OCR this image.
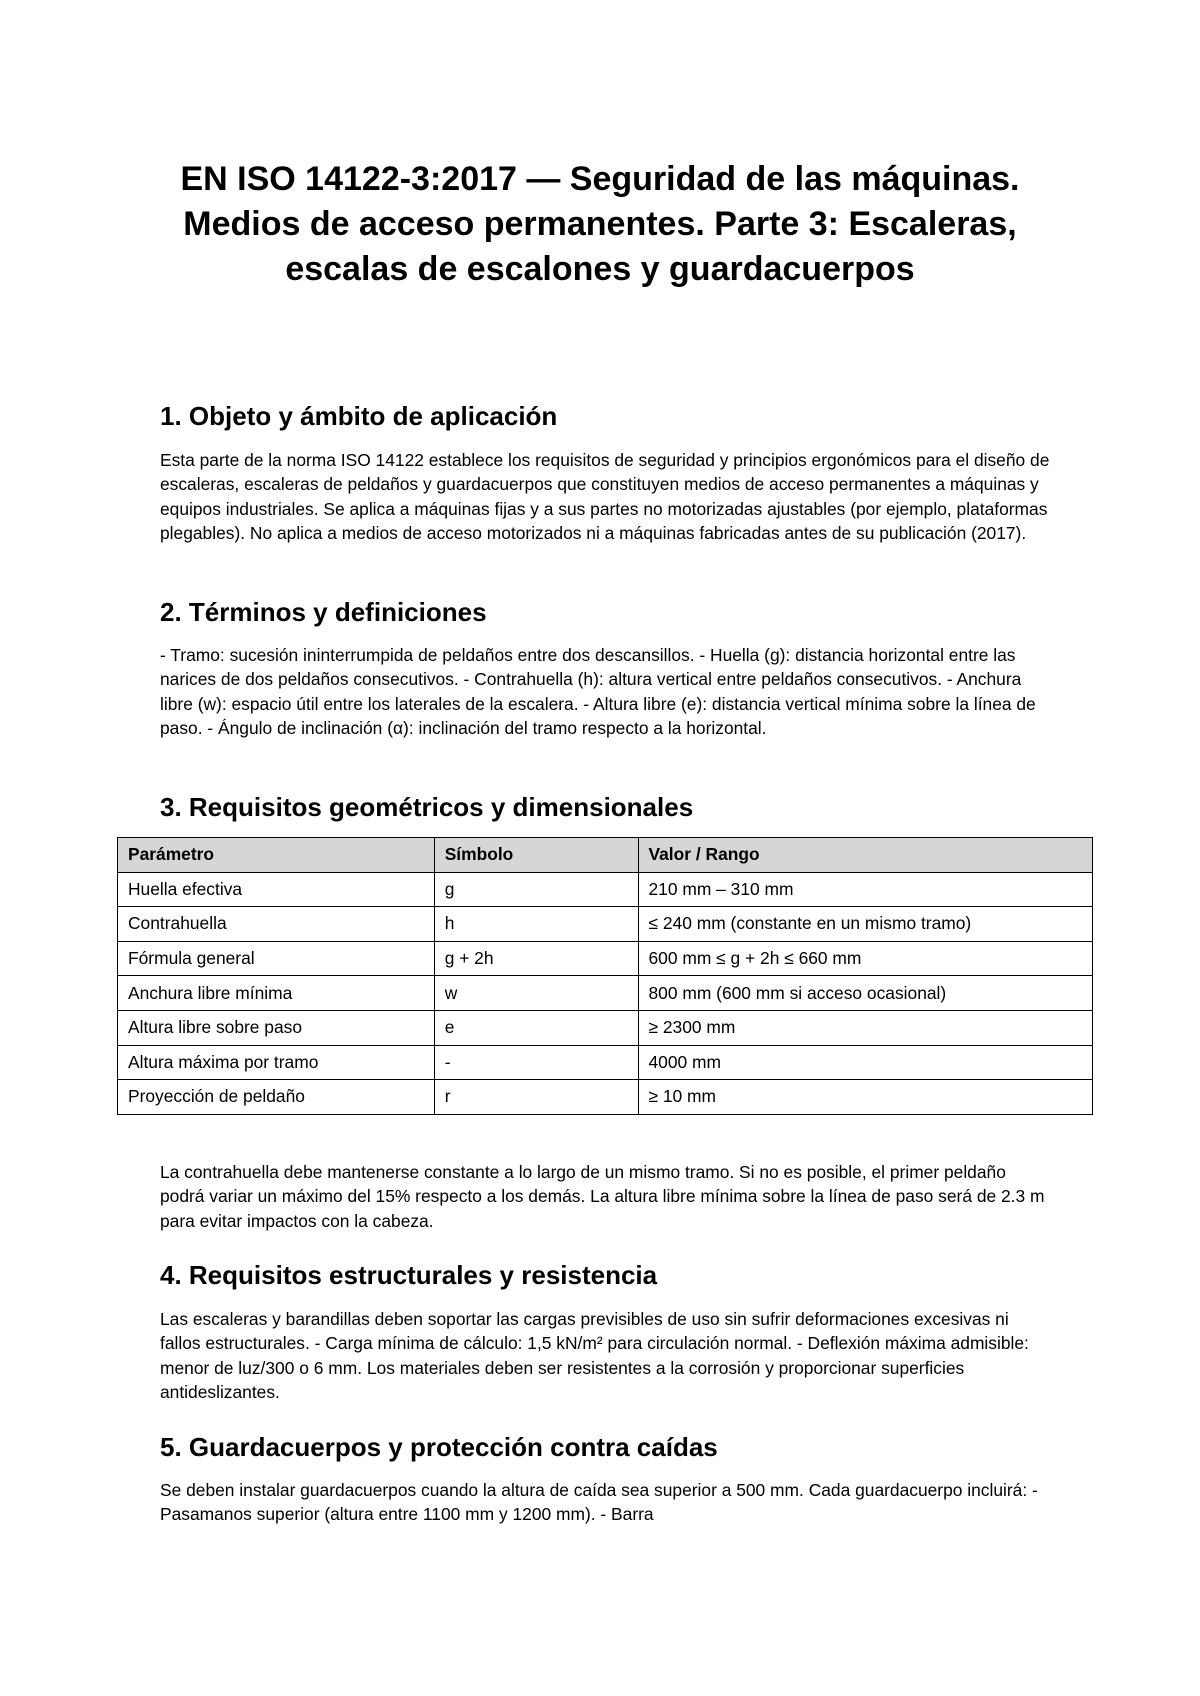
EN ISO 14122-3:2017 — Seguridad de las máquinas. Medios de acceso permanentes. Parte 3: Escaleras, escalas de escalones y guardacuerpos
1. Objeto y ámbito de aplicación

Esta parte de la norma ISO 14122 establece los requisitos de seguridad y principios ergonómicos para el diseño de escaleras, escaleras de peldaños y guardacuerpos que constituyen medios de acceso permanentes a máquinas y equipos industriales. Se aplica a máquinas fijas y a sus partes no motorizadas ajustables (por ejemplo, plataformas plegables). No aplica a medios de acceso motorizados ni a máquinas fabricadas antes de su publicación (2017).

2. Términos y definiciones

- Tramo: sucesión ininterrumpida de peldaños entre dos descansillos. - Huella (g): distancia horizontal entre las narices de dos peldaños consecutivos. - Contrahuella (h): altura vertical entre peldaños consecutivos. - Anchura libre (w): espacio útil entre los laterales de la escalera. - Altura libre (e): distancia vertical mínima sobre la línea de paso. - Ángulo de inclinación (α): inclinación del tramo respecto a la horizontal.

3. Requisitos geométricos y dimensionales
Parámetro	Símbolo	Valor / Rango
Huella efectiva	g	210 mm – 310 mm
Contrahuella	h	≤ 240 mm (constante en un mismo tramo)
Fórmula general	g + 2h	600 mm ≤ g + 2h ≤ 660 mm
Anchura libre mínima	w	800 mm (600 mm si acceso ocasional)
Altura libre sobre paso	e	≥ 2300 mm
Altura máxima por tramo	-	4000 mm
Proyección de peldaño	r	≥ 10 mm

La contrahuella debe mantenerse constante a lo largo de un mismo tramo. Si no es posible, el primer peldaño podrá variar un máximo del 15% respecto a los demás. La altura libre mínima sobre la línea de paso será de 2.3 m para evitar impactos con la cabeza.

4. Requisitos estructurales y resistencia

Las escaleras y barandillas deben soportar las cargas previsibles de uso sin sufrir deformaciones excesivas ni fallos estructurales. - Carga mínima de cálculo: 1,5 kN/m² para circulación normal. - Deflexión máxima admisible: menor de luz/300 o 6 mm. Los materiales deben ser resistentes a la corrosión y proporcionar superficies antideslizantes.

5. Guardacuerpos y protección contra caídas

Se deben instalar guardacuerpos cuando la altura de caída sea superior a 500 mm. Cada guardacuerpo incluirá: - Pasamanos superior (altura entre 1100 mm y 1200 mm). - Barra
